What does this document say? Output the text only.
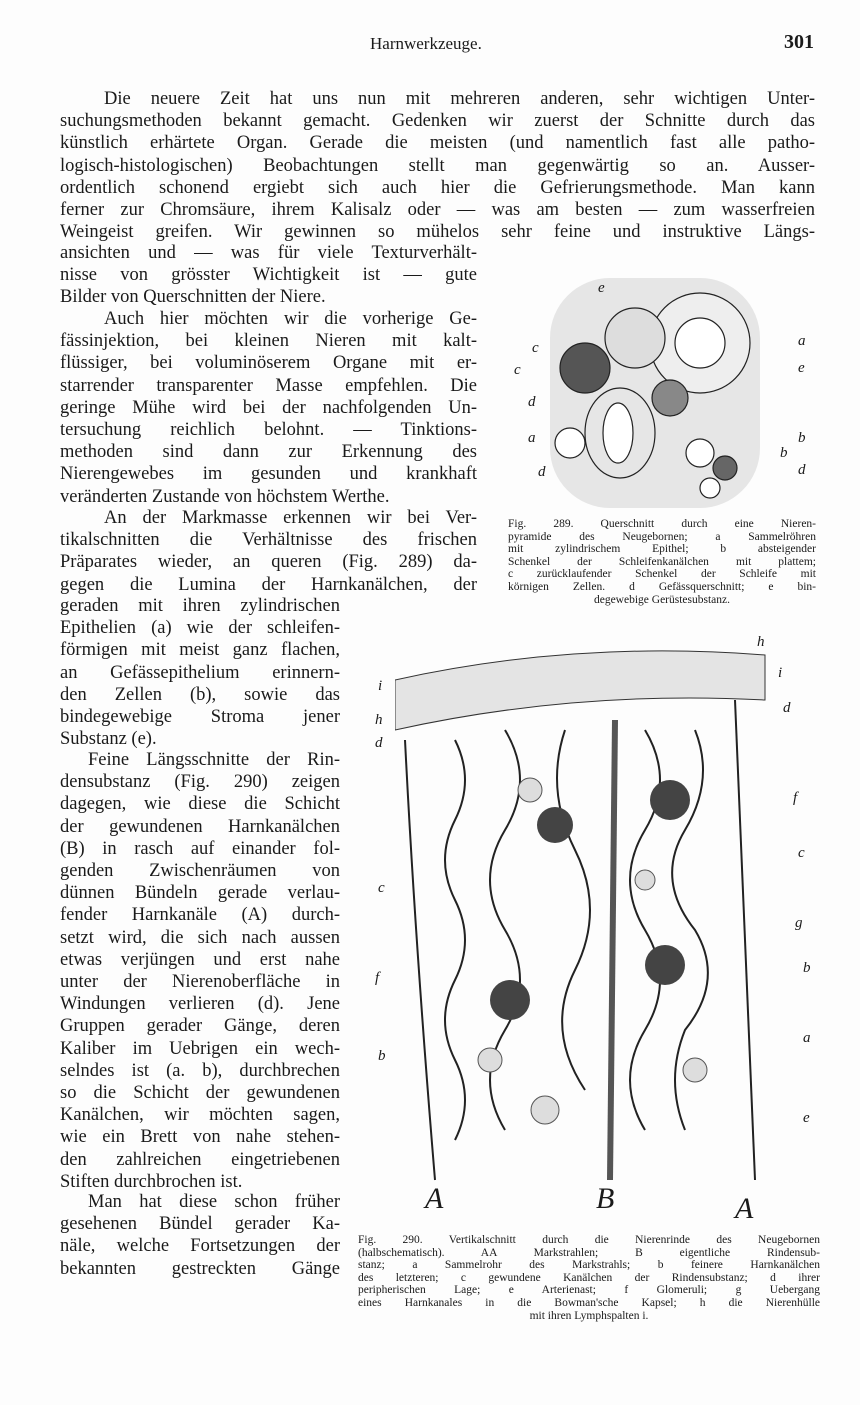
Harnwerkzeuge.	301
Die neuere Zeit hat uns nun mit mehreren anderen, sehr wichtigen Unter-
suchungsmethoden bekannt gemacht. Gedenken wir zuerst der Schnitte durch das
künstlich erhärtete Organ. Gerade die meisten (und namentlich fast alle patho-
logisch-histologischen) Beobachtungen stellt man gegenwärtig so an. Ausser-
ordentlich schonend ergiebt sich auch hier die Gefrierungsmethode. Man kann
ferner zur Chromsäure, ihrem Kalisalz oder — was am besten — zum wasserfreien
Weingeist greifen. Wir gewinnen so mühelos sehr feine und instruktive Längs-
ansichten und — was für viele Texturverhält-
nisse von grösster Wichtigkeit ist — gute
Bilder von Querschnitten der Niere.
Auch hier möchten wir die vorherige Ge-
fässinjektion, bei kleinen Nieren mit kalt-
flüssiger, bei voluminöserem Organe mit er-
starrender transparenter Masse empfehlen. Die
geringe Mühe wird bei der nachfolgenden Un-
tersuchung reichlich belohnt. — Tinktions-
methoden sind dann zur Erkennung des
Nierengewebes im gesunden und krankhaft
veränderten Zustande von höchstem Werthe.
An der Markmasse erkennen wir bei Ver-
tikalschnitten die Verhältnisse des frischen
Präparates wieder, an queren (Fig. 289) da-
gegen die Lumina der Harnkanälchen, der
geraden mit ihren zylindrischen
Epithelien (a) wie der schleifen-
förmigen mit meist ganz flachen,
an Gefässepithelium erinnern-
den Zellen (b), sowie das
bindegewebige Stroma jener
Substanz (e).
Feine Längsschnitte der Rin-
densubstanz (Fig. 290) zeigen
dagegen, wie diese die Schicht
der gewundenen Harnkanälchen
(B) in rasch auf einander fol-
genden Zwischenräumen von
dünnen Bündeln gerade verlau-
fender Harnkanäle (A) durch-
setzt wird, die sich nach aussen
etwas verjüngen und erst nahe
unter der Nierenoberfläche in
Windungen verlieren (d). Jene
Gruppen gerader Gänge, deren
Kaliber im Uebrigen ein wech-
selndes ist (a. b), durchbrechen
so die Schicht der gewundenen
Kanälchen, wir möchten sagen,
wie ein Brett von nahe stehen-
den zahlreichen eingetriebenen
Stiften durchbrochen ist.
Man hat diese schon früher
gesehenen Bündel gerader Ka-
näle, welche Fortsetzungen der
bekannten gestreckten Gänge
e
a
c
c	e
d
a	b
b
d	d
Fig. 289. Querschnitt durch eine Nieren-
pyramide des Neugebornen; a Sammelröhren
mit zylindrischem Epithel; b absteigender
Schenkel der Schleifenkanälchen mit plattem;
c zurücklaufender Schenkel der Schleife mit
körnigen Zellen. d Gefässquerschnitt; e bin-
degewebige Gerüstesubstanz.
h
i
i
d
h
d
f
c
c
g
b
f
a
b
e
A	B	A
Fig. 290. Vertikalschnitt durch die Nierenrinde des Neugebornen
(halbschematisch). AA Markstrahlen; B eigentliche Rindensub-
stanz; a Sammelrohr des Markstrahls; b feinere Harnkanälchen
des letzteren; c gewundene Kanälchen der Rindensubstanz; d ihrer
peripherischen Lage; e Arterienast; f Glomeruli; g Uebergang
eines Harnkanales in die Bowman'sche Kapsel; h die Nierenhülle
mit ihren Lymphspalten i.
